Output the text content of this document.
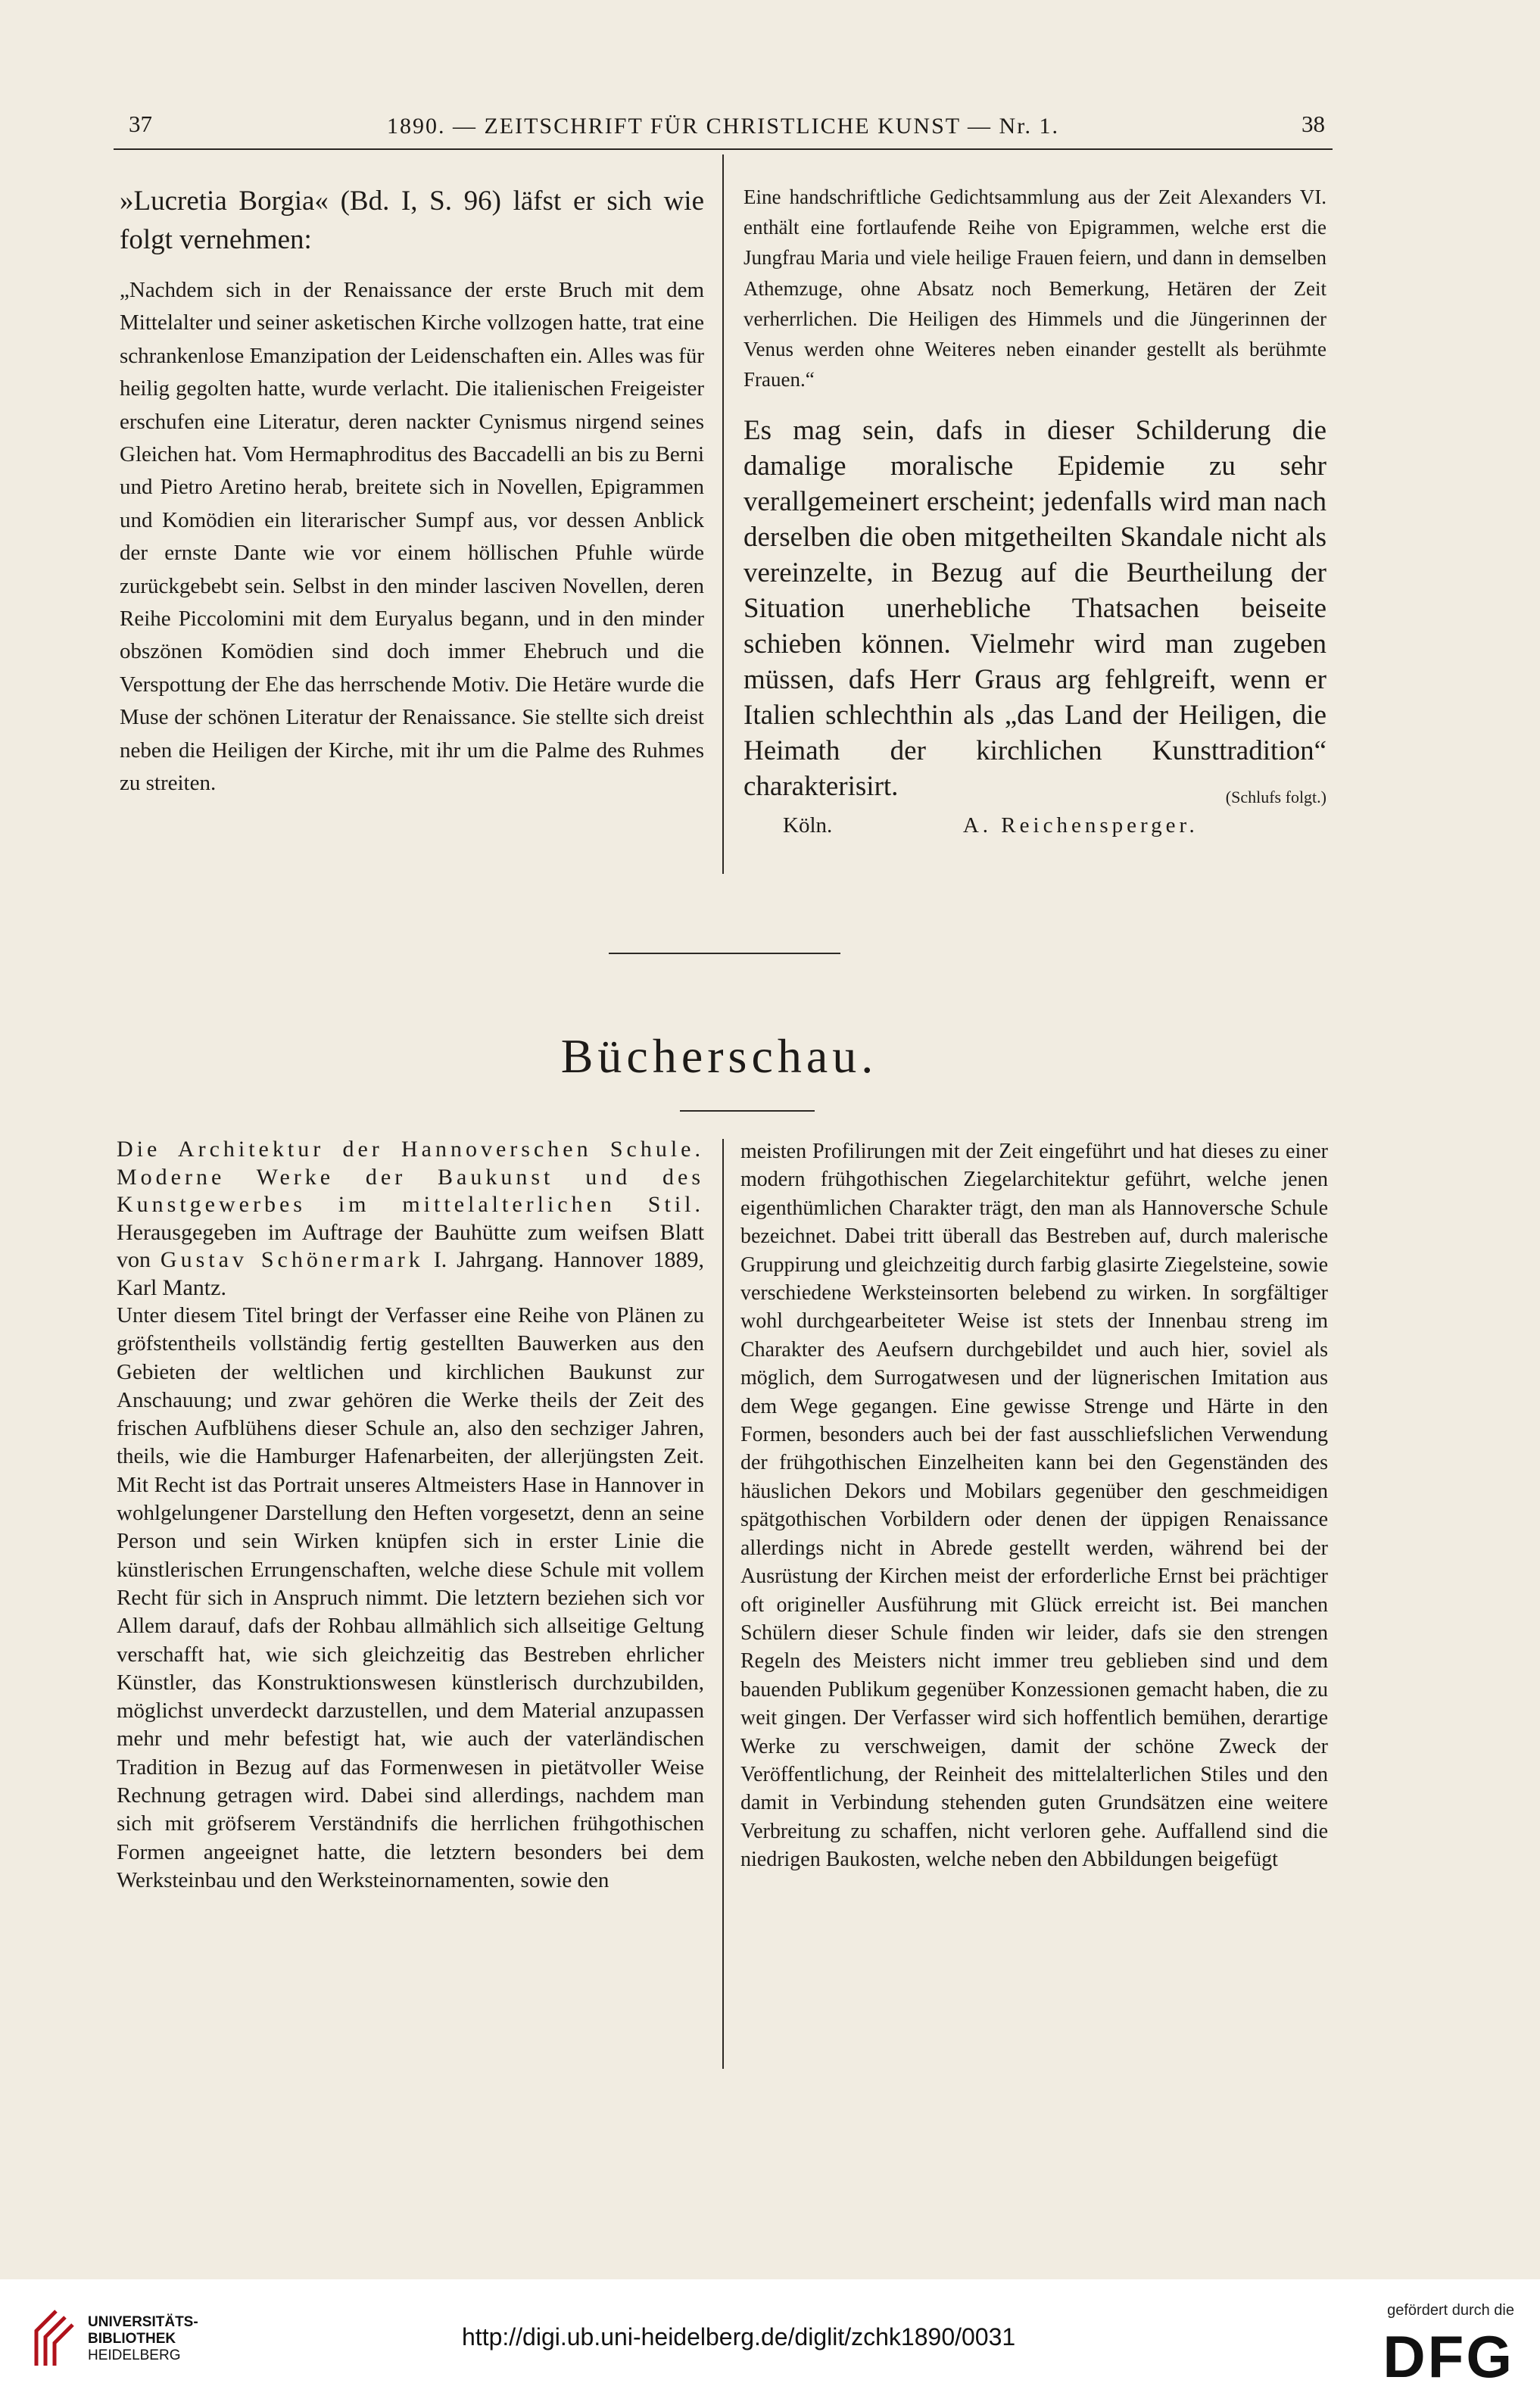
37	1890. — ZEITSCHRIFT FÜR CHRISTLICHE KUNST — Nr. 1.	38

»Lucretia Borgia« (Bd. I, S. 96) läfst er sich wie folgt vernehmen:

„Nachdem sich in der Renaissance der erste Bruch mit dem Mittelalter und seiner asketischen Kirche vollzogen hatte, trat eine schrankenlose Emanzipation der Leidenschaften ein. Alles was für heilig gegolten hatte, wurde verlacht. Die italienischen Freigeister erschufen eine Literatur, deren nackter Cynismus nirgend seines Gleichen hat. Vom Hermaphroditus des Baccadelli an bis zu Berni und Pietro Aretino herab, breitete sich in Novellen, Epigrammen und Komödien ein literarischer Sumpf aus, vor dessen Anblick der ernste Dante wie vor einem höllischen Pfuhle würde zurückgebebt sein. Selbst in den minder lasciven Novellen, deren Reihe Piccolomini mit dem Euryalus begann, und in den minder obszönen Komödien sind doch immer Ehebruch und die Verspottung der Ehe das herrschende Motiv. Die Hetäre wurde die Muse der schönen Literatur der Renaissance. Sie stellte sich dreist neben die Heiligen der Kirche, mit ihr um die Palme des Ruhmes zu streiten.

Eine handschriftliche Gedichtsammlung aus der Zeit Alexanders VI. enthält eine fortlaufende Reihe von Epigrammen, welche erst die Jungfrau Maria und viele heilige Frauen feiern, und dann in demselben Athemzuge, ohne Absatz noch Bemerkung, Hetären der Zeit verherrlichen. Die Heiligen des Himmels und die Jüngerinnen der Venus werden ohne Weiteres neben einander gestellt als berühmte Frauen.“

Es mag sein, dafs in dieser Schilderung die damalige moralische Epidemie zu sehr verallgemeinert erscheint; jedenfalls wird man nach derselben die oben mitgetheilten Skandale nicht als vereinzelte, in Bezug auf die Beurtheilung der Situation unerhebliche Thatsachen beiseite schieben können. Vielmehr wird man zugeben müssen, dafs Herr Graus arg fehlgreift, wenn er Italien schlechthin als „das Land der Heiligen, die Heimath der kirchlichen Kunsttradition“ charakterisirt.	(Schlufs folgt.)

Köln.	A. Reichensperger.
Bücherschau.

Die Architektur der Hannoverschen Schule. Moderne Werke der Baukunst und des Kunstgewerbes im mittelalterlichen Stil. Herausgegeben im Auftrage der Bauhütte zum weifsen Blatt von Gustav Schönermark I. Jahrgang. Hannover 1889, Karl Mantz.

Unter diesem Titel bringt der Verfasser eine Reihe von Plänen zu gröfstentheils vollständig fertig gestellten Bauwerken aus den Gebieten der weltlichen und kirchlichen Baukunst zur Anschauung; und zwar gehören die Werke theils der Zeit des frischen Aufblühens dieser Schule an, also den sechziger Jahren, theils, wie die Hamburger Hafenarbeiten, der allerjüngsten Zeit. Mit Recht ist das Portrait unseres Altmeisters Hase in Hannover in wohlgelungener Darstellung den Heften vorgesetzt, denn an seine Person und sein Wirken knüpfen sich in erster Linie die künstlerischen Errungenschaften, welche diese Schule mit vollem Recht für sich in Anspruch nimmt. Die letztern beziehen sich vor Allem darauf, dafs der Rohbau allmählich sich allseitige Geltung verschafft hat, wie sich gleichzeitig das Bestreben ehrlicher Künstler, das Konstruktionswesen künstlerisch durchzubilden, möglichst unverdeckt darzustellen, und dem Material anzupassen mehr und mehr befestigt hat, wie auch der vaterländischen Tradition in Bezug auf das Formenwesen in pietätvoller Weise Rechnung getragen wird. Dabei sind allerdings, nachdem man sich mit gröfserem Verständnifs die herrlichen frühgothischen Formen angeeignet hatte, die letztern besonders bei dem Werksteinbau und den Werksteinornamenten, sowie den

meisten Profilirungen mit der Zeit eingeführt und hat dieses zu einer modern frühgothischen Ziegelarchitektur geführt, welche jenen eigenthümlichen Charakter trägt, den man als Hannoversche Schule bezeichnet. Dabei tritt überall das Bestreben auf, durch malerische Gruppirung und gleichzeitig durch farbig glasirte Ziegelsteine, sowie verschiedene Werksteinsorten belebend zu wirken. In sorgfältiger wohl durchgearbeiteter Weise ist stets der Innenbau streng im Charakter des Aeufsern durchgebildet und auch hier, soviel als möglich, dem Surrogatwesen und der lügnerischen Imitation aus dem Wege gegangen. Eine gewisse Strenge und Härte in den Formen, besonders auch bei der fast ausschliefslichen Verwendung der frühgothischen Einzelheiten kann bei den Gegenständen des häuslichen Dekors und Mobilars gegenüber den geschmeidigen spätgothischen Vorbildern oder denen der üppigen Renaissance allerdings nicht in Abrede gestellt werden, während bei der Ausrüstung der Kirchen meist der erforderliche Ernst bei prächtiger oft origineller Ausführung mit Glück erreicht ist. Bei manchen Schülern dieser Schule finden wir leider, dafs sie den strengen Regeln des Meisters nicht immer treu geblieben sind und dem bauenden Publikum gegenüber Konzessionen gemacht haben, die zu weit gingen. Der Verfasser wird sich hoffentlich bemühen, derartige Werke zu verschweigen, damit der schöne Zweck der Veröffentlichung, der Reinheit des mittelalterlichen Stiles und den damit in Verbindung stehenden guten Grundsätzen eine weitere Verbreitung zu schaffen, nicht verloren gehe. Auffallend sind die niedrigen Baukosten, welche neben den Abbildungen beigefügt

UNIVERSITÄTS-
BIBLIOTHEK
HEIDELBERG
http://digi.ub.uni-heidelberg.de/diglit/zchk1890/0031
gefördert durch die
DFG
